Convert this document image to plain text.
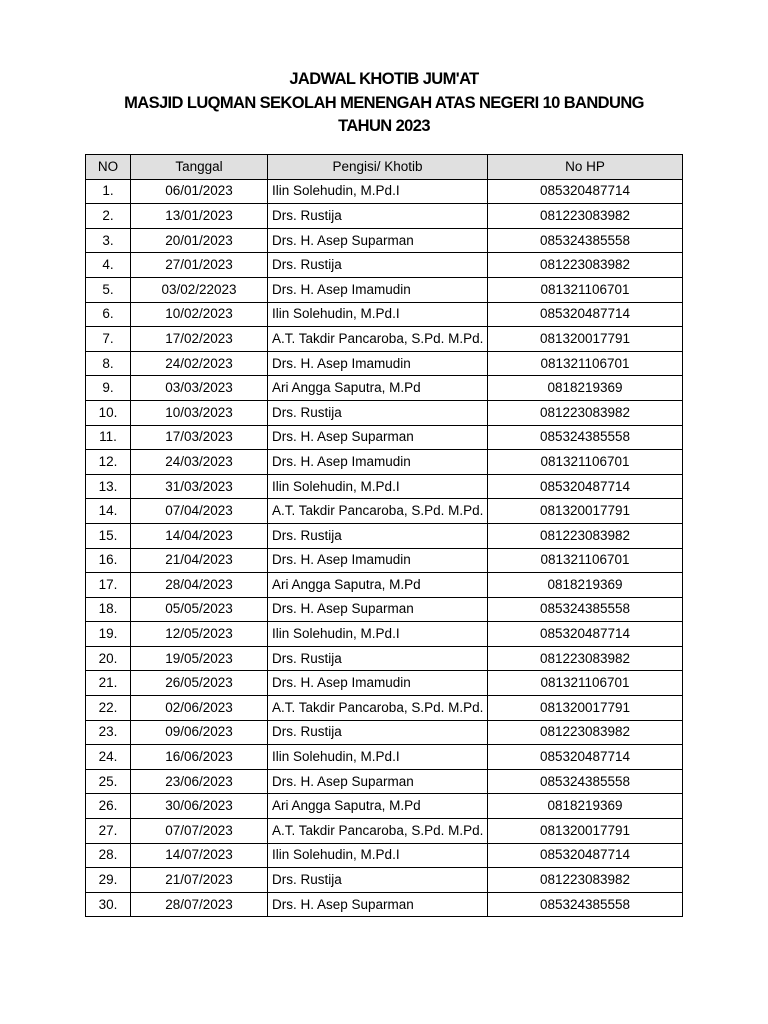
JADWAL KHOTIB JUM'AT
MASJID LUQMAN SEKOLAH MENENGAH ATAS NEGERI 10 BANDUNG
TAHUN 2023
NO	Tanggal	Pengisi/ Khotib	No HP
1.	06/01/2023	Ilin Solehudin, M.Pd.I	085320487714
2.	13/01/2023	Drs. Rustija	081223083982
3.	20/01/2023	Drs. H. Asep Suparman	085324385558
4.	27/01/2023	Drs. Rustija	081223083982
5.	03/02/22023	Drs. H. Asep Imamudin	081321106701
6.	10/02/2023	Ilin Solehudin, M.Pd.I	085320487714
7.	17/02/2023	A.T. Takdir Pancaroba, S.Pd. M.Pd.	081320017791
8.	24/02/2023	Drs. H. Asep Imamudin	081321106701
9.	03/03/2023	Ari Angga Saputra, M.Pd	0818219369
10.	10/03/2023	Drs. Rustija	081223083982
11.	17/03/2023	Drs. H. Asep Suparman	085324385558
12.	24/03/2023	Drs. H. Asep Imamudin	081321106701
13.	31/03/2023	Ilin Solehudin, M.Pd.I	085320487714
14.	07/04/2023	A.T. Takdir Pancaroba, S.Pd. M.Pd.	081320017791
15.	14/04/2023	Drs. Rustija	081223083982
16.	21/04/2023	Drs. H. Asep Imamudin	081321106701
17.	28/04/2023	Ari Angga Saputra, M.Pd	0818219369
18.	05/05/2023	Drs. H. Asep Suparman	085324385558
19.	12/05/2023	Ilin Solehudin, M.Pd.I	085320487714
20.	19/05/2023	Drs. Rustija	081223083982
21.	26/05/2023	Drs. H. Asep Imamudin	081321106701
22.	02/06/2023	A.T. Takdir Pancaroba, S.Pd. M.Pd.	081320017791
23.	09/06/2023	Drs. Rustija	081223083982
24.	16/06/2023	Ilin Solehudin, M.Pd.I	085320487714
25.	23/06/2023	Drs. H. Asep Suparman	085324385558
26.	30/06/2023	Ari Angga Saputra, M.Pd	0818219369
27.	07/07/2023	A.T. Takdir Pancaroba, S.Pd. M.Pd.	081320017791
28.	14/07/2023	Ilin Solehudin, M.Pd.I	085320487714
29.	21/07/2023	Drs. Rustija	081223083982
30.	28/07/2023	Drs. H. Asep Suparman	085324385558
